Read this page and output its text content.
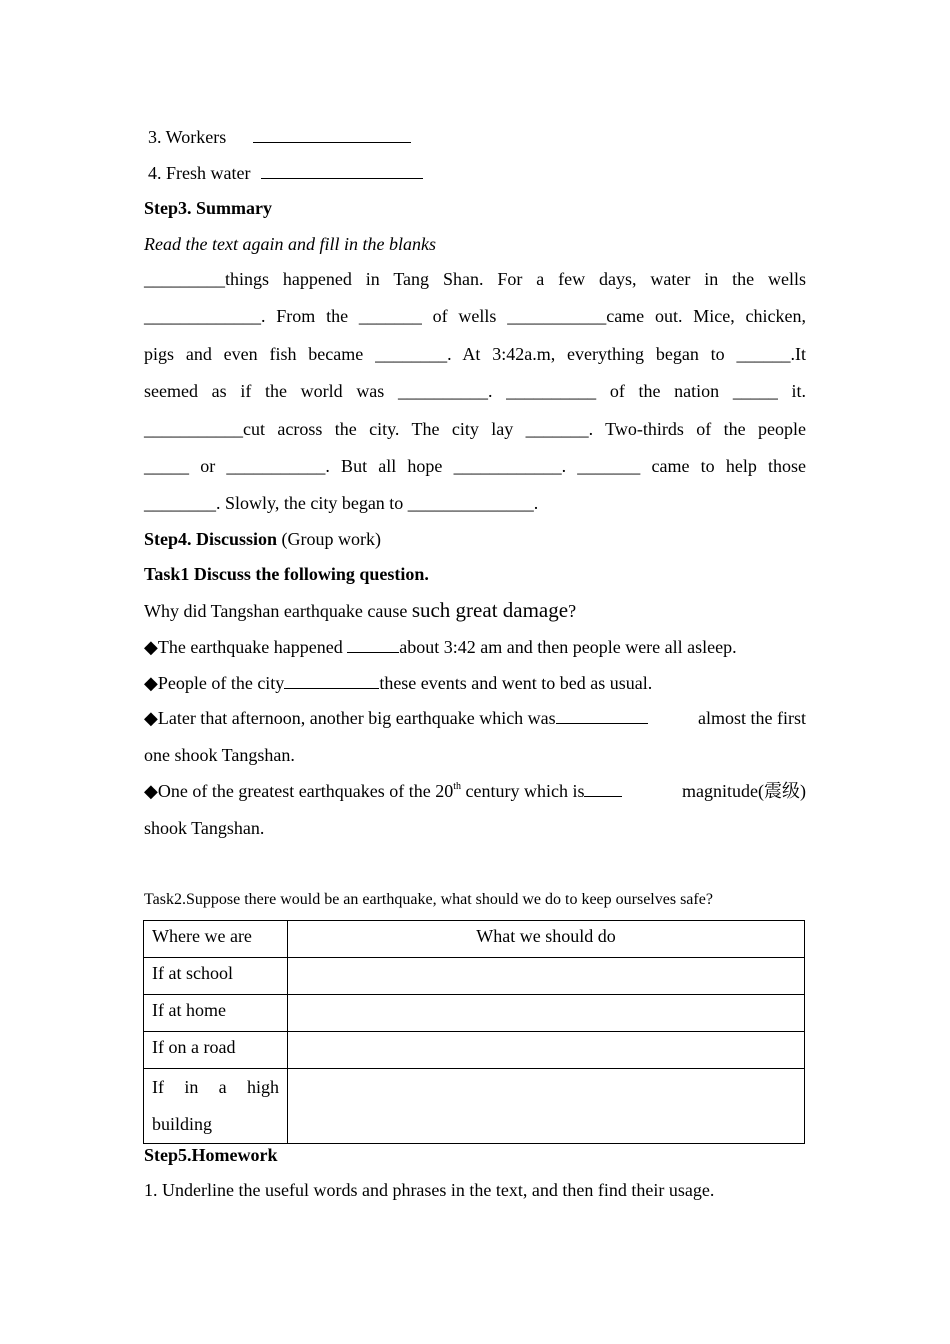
3. Workers
4. Fresh water
Step3. Summary
Read the text again and fill in the blanks
_________things happened in Tang Shan. For a few days, water in the wells
_____________. From the _______ of wells ___________came out. Mice, chicken,
pigs and even fish became ________. At 3:42a.m, everything began to ______.It
seemed as if the world was __________. __________ of the nation _____ it.
___________cut across the city. The city lay _______. Two-thirds of the people
_____ or ___________. But all hope ____________. _______ came to help those
________. Slowly, the city began to ______________.
Step4. Discussion (Group work)
Task1 Discuss the following question.
Why did Tangshan earthquake cause such great damage?
◆The earthquake happened	about 3:42 am and then people were all asleep.
◆People of the city	these events and went to bed as usual.
◆Later that afternoon, another big earthquake which was	almost the first
one shook Tangshan.
◆One of the greatest earthquakes of the 20th century which is	magnitude(震级)
shook Tangshan.
Task2.Suppose there would be an earthquake, what should we do to keep ourselves safe?
Where we are	What we should do
If at school	
If at home	
If on a road	
If in a high building	
Step5.Homework
1. Underline the useful words and phrases in the text, and then find their usage.
